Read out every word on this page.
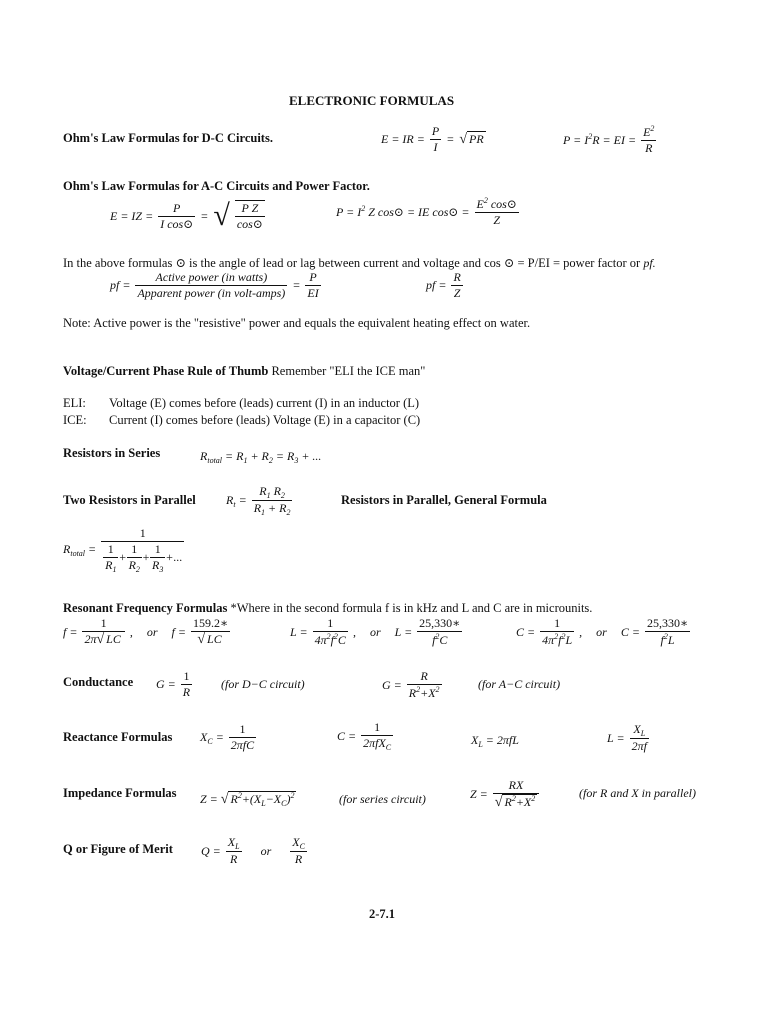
ELECTRONIC FORMULAS
Ohm's Law Formulas for D-C Circuits.	E = IR = $\frac{P}{I}$ = √ PR	$P = I^2R$ = EI = $\frac{E^2}{R}$
Ohm's Law Formulas for A-C Circuits and Power Factor.
E = IZ = $\frac{P}{\text{I cos⊙}}$ = √ $\frac{\text{P Z}}{\cos⊙}$	$P = I^2$ Z cos⊙ = IE cos⊙ = $\frac{E^2 \cos⊙}{Z}$
In the above formulas ⊙ is the angle of lead or lag between current and voltage and cos ⊙ = P/EI = power factor or pf.
pf = $\frac{\text{Active power (in watts)}}{\text{Apparent power (in volt-amps)}} = \frac{P}{EI}$	pf = $\frac{R}{Z}$
Note: Active power is the "resistive" power and equals the equivalent heating effect on water.
Voltage/Current Phase Rule of Thumb Remember "ELI the ICE man"
ELI: Voltage (E) comes before (leads) current (I) in an inductor (L)
ICE: Current (I) comes before (leads) Voltage (E) in a capacitor (C)
Resistors in Series	$R_{total} = R_1 + R_2 = R_3$ + ...
Two Resistors in Parallel	$R_t = \frac{R_1 R_2}{R_1 + R_2}$	Resistors in Parallel, General Formula
$R_{total} = \frac{1}{\frac{1}{R_1} + \frac{1}{R_2} + \frac{1}{R_3} +...}$
Resonant Frequency Formulas *Where in the second formula f is in kHz and L and C are in microunits.
$f = \frac{1}{2\pi√ LC}$ , or $f = \frac{159.2∗}{√ LC}$	$L = \frac{1}{4\pi^2f^2C}$ , or $L = \frac{25,330∗}{f^2C}$	$C = \frac{1}{4\pi^2f^2L}$ , or $C = \frac{25,330∗}{f^2L}$
Conductance $G = \frac{1}{R} (for$ D−C circuit)	$G = \frac{R}{R^2+X^2}$	(for A−C circuit)
Reactance Formulas $X_C = \frac{1}{\text{2πfC}}$	$C = \frac{1}{2\pi fX_C}$	$X_L = 2\pi fL$	$L = \frac{X_L}{2\pi f}$
Impedance Formulas Z = √ $R^2+(X_L-X_C)^2$	(for series circuit)	$Z = \frac{RX}{√ R^2+X^2}$	(for R and X in parallel)
Q or Figure of Merit $Q = \frac{X_L}{R}$
or
$\frac{X_C}{R}$
2-7.1
